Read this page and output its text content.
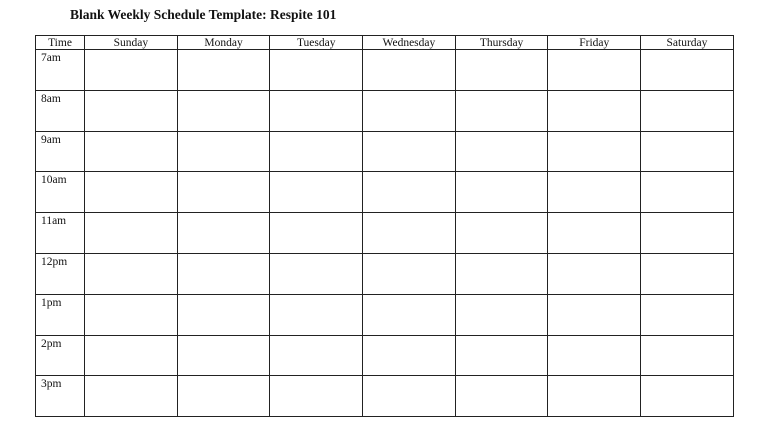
Blank Weekly Schedule Template: Respite 101
Time	Sunday	Monday	Tuesday	Wednesday	Thursday	Friday	Saturday
7am							
8am							
9am							
10am							
11am							
12pm							
1pm							
2pm							
3pm							
